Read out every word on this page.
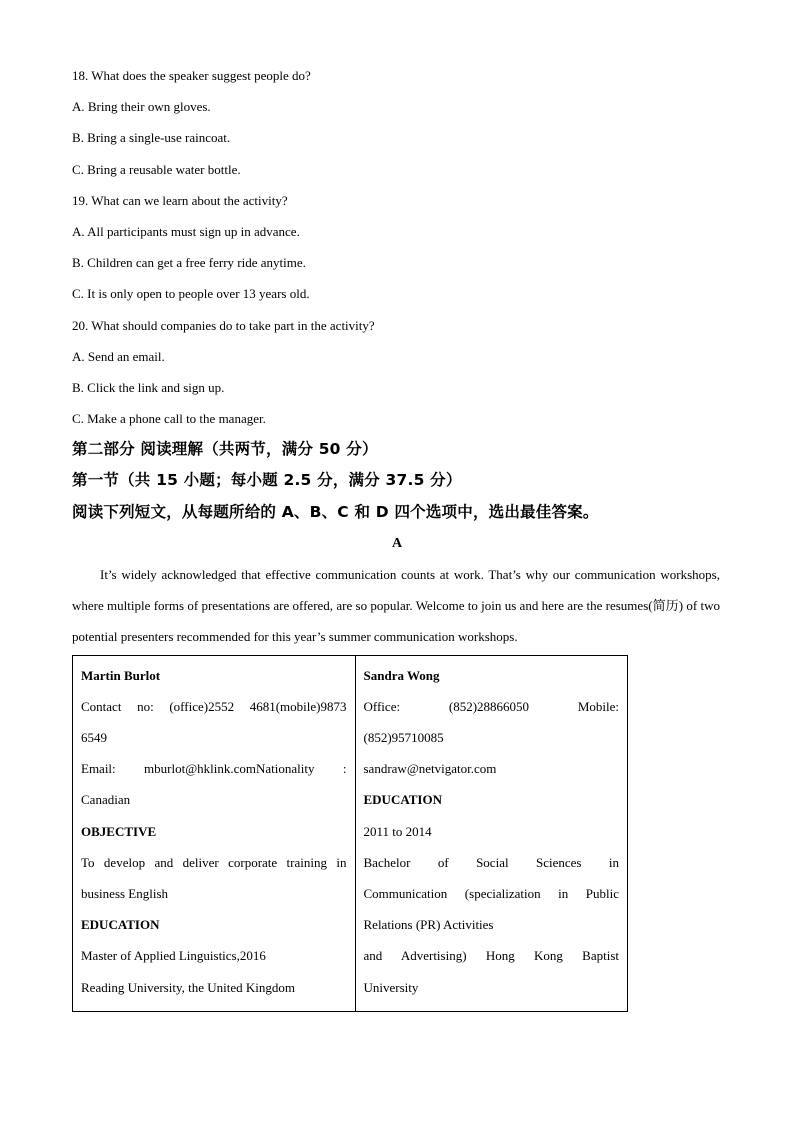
18. What does the speaker suggest people do?
A. Bring their own gloves.
B. Bring a single-use raincoat.
C. Bring a reusable water bottle.
19. What can we learn about the activity?
A. All participants must sign up in advance.
B. Children can get a free ferry ride anytime.
C. It is only open to people over 13 years old.
20. What should companies do to take part in the activity?
A. Send an email.
B. Click the link and sign up.
C. Make a phone call to the manager.
第二部分 阅读理解（共两节，满分 50 分）
第一节（共 15 小题；每小题 2.5 分，满分 37.5 分）
阅读下列短文，从每题所给的 A、B、C 和 D 四个选项中，选出最佳答案。
A

It’s widely acknowledged that effective communication counts at work. That’s why our communication workshops, where multiple forms of presentations are offered, are so popular. Welcome to join us and here are the resumes(简历) of two potential presenters recommended for this year’s summer communication workshops.

Martin Burlot
Contact no: (office)2552 4681(mobile)9873
6549
Email: mburlot@hklink.comNationality :
Canadian
OBJECTIVE
To develop and deliver corporate training in
business English
EDUCATION
Master of Applied Linguistics,2016
Reading University, the United Kingdom

Sandra Wong
Office: (852)28866050 Mobile:
(852)95710085
sandraw@netvigator.com
EDUCATION
2011 to 2014
Bachelor of Social Sciences in
Communication (specialization in Public
Relations (PR) Activities
and Advertising) Hong Kong Baptist
University
